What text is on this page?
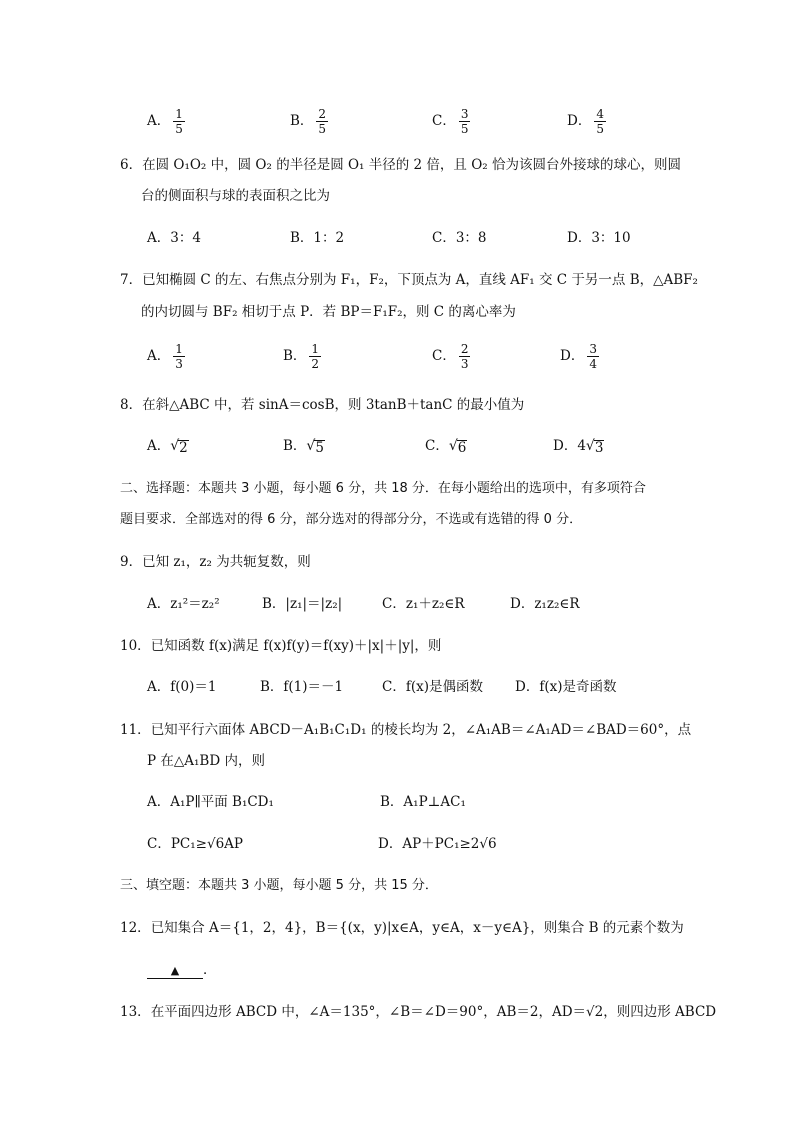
A． $\frac{1}{5}$	B． $\frac{2}{5}$	C． $\frac{3}{5}$	D． $\frac{4}{5}$
6．在圆 O₁O₂ 中，圆 O₂ 的半径是圆 O₁ 半径的 2 倍，且 O₂ 恰为该圆台外接球的球心，则圆
台的侧面积与球的表面积之比为
A．3：4	B．1：2	C．3：8	D．3：10
7．已知椭圆 C 的左、右焦点分别为 F₁，F₂，下顶点为 A，直线 AF₁ 交 C 于另一点 B，△ABF₂
的内切圆与 BF₂ 相切于点 P．若 BP＝F₁F₂，则 C 的离心率为
A． $\frac{1}{3}$	B． $\frac{1}{2}$	C． $\frac{2}{3}$	D． $\frac{3}{4}$
8．在斜△ABC 中，若 sinA＝cosB，则 3tanB＋tanC 的最小值为
A． √ 2	B． √ 5	C． √ 6	D．4 √ 3
二、选择题：本题共 3 小题，每小题 6 分，共 18 分．在每小题给出的选项中，有多项符合
题目要求．全部选对的得 6 分，部分选对的得部分分，不选或有选错的得 0 分．
9．已知 z₁，z₂ 为共轭复数，则
A．z₁²＝z₂²	B．|z₁|＝|z₂|	C．z₁＋z₂∈R	D．z₁z₂∈R
10．已知函数 f(x)满足 f(x)f(y)＝f(xy)＋|x|＋|y|，则
A．f(0)＝1	B．f(1)＝－1	C．f(x)是偶函数 D．f(x)是奇函数
11．已知平行六面体 ABCD－A₁B₁C₁D₁ 的棱长均为 2，∠A₁AB＝∠A₁AD＝∠BAD＝60°，点
P 在△A₁BD 内，则
A．A₁P∥平面 B₁CD₁	B．A₁P⊥AC₁
C．PC₁≥√6AP	D．AP＋PC₁≥2√6
三、填空题：本题共 3 小题，每小题 5 分，共 15 分．
12．已知集合 A＝{1，2，4}，B＝{(x，y)|x∈A，y∈A，x－y∈A}，则集合 B 的元素个数为
▲ ．
13．在平面四边形 ABCD 中，∠A＝135°，∠B＝∠D＝90°，AB＝2，AD＝√2，则四边形 ABCD
